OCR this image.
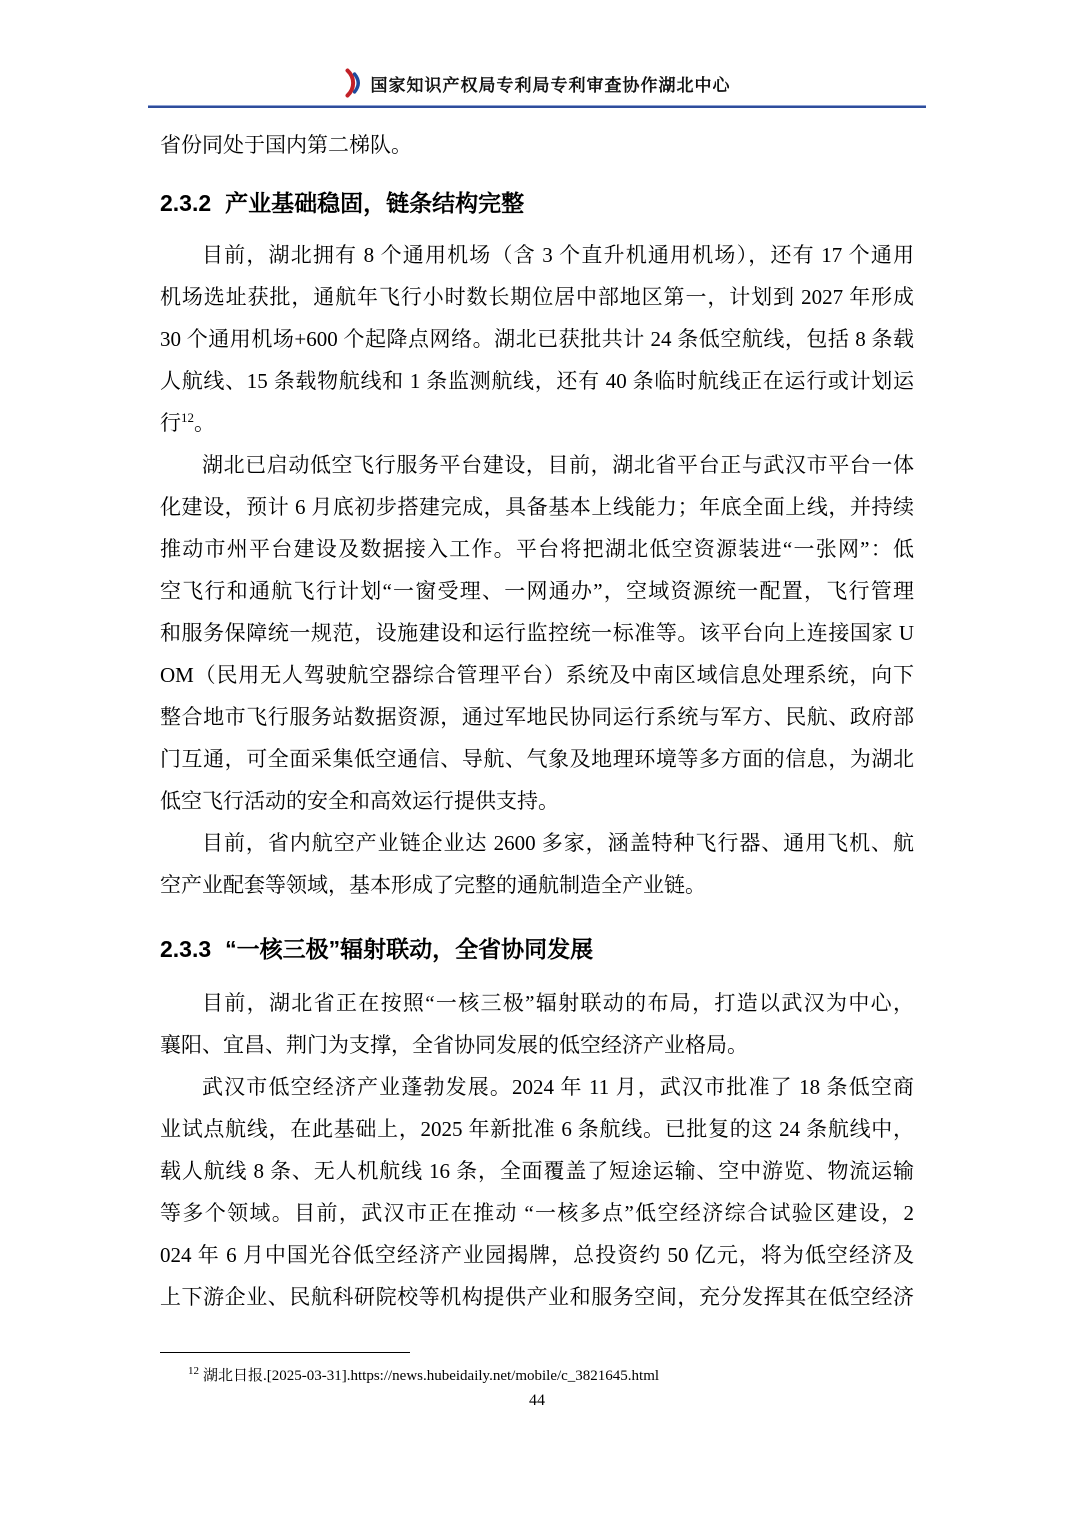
国家知识产权局专利局专利审查协作湖北中心
省份同处于国内第二梯队。
2.3.2 产业基础稳固，链条结构完整
目前，湖北拥有 8 个通用机场（含 3 个直升机通用机场），还有 17 个通用
机场选址获批，通航年飞行小时数长期位居中部地区第一，计划到 2027 年形成
30 个通用机场+600 个起降点网络。湖北已获批共计 24 条低空航线，包括 8 条载
人航线、15 条载物航线和 1 条监测航线，还有 40 条临时航线正在运行或计划运
行$^{12}$。
湖北已启动低空飞行服务平台建设，目前，湖北省平台正与武汉市平台一体
化建设，预计 6 月底初步搭建完成，具备基本上线能力；年底全面上线，并持续
推动市州平台建设及数据接入工作。平台将把湖北低空资源装进“一张网”：低
空飞行和通航飞行计划“一窗受理、一网通办”，空域资源统一配置，飞行管理
和服务保障统一规范，设施建设和运行监控统一标准等。该平台向上连接国家 U
OM（民用无人驾驶航空器综合管理平台）系统及中南区域信息处理系统，向下
整合地市飞行服务站数据资源，通过军地民协同运行系统与军方、民航、政府部
门互通，可全面采集低空通信、导航、气象及地理环境等多方面的信息，为湖北
低空飞行活动的安全和高效运行提供支持。
目前，省内航空产业链企业达 2600 多家，涵盖特种飞行器、通用飞机、航
空产业配套等领域，基本形成了完整的通航制造全产业链。
2.3.3 “一核三极”辐射联动，全省协同发展
目前，湖北省正在按照“一核三极”辐射联动的布局，打造以武汉为中心，
襄阳、宜昌、荆门为支撑，全省协同发展的低空经济产业格局。
武汉市低空经济产业蓬勃发展。2024 年 11 月，武汉市批准了 18 条低空商
业试点航线，在此基础上，2025 年新批准 6 条航线。已批复的这 24 条航线中，
载人航线 8 条、无人机航线 16 条，全面覆盖了短途运输、空中游览、物流运输
等多个领域。目前，武汉市正在推动 “一核多点”低空经济综合试验区建设，2
024 年 6 月中国光谷低空经济产业园揭牌，总投资约 50 亿元，将为低空经济及
上下游企业、民航科研院校等机构提供产业和服务空间，充分发挥其在低空经济
$^{12}$ 湖北日报.[2025-03-31].https://news.hubeidaily.net/mobile/c_3821645.html
44
